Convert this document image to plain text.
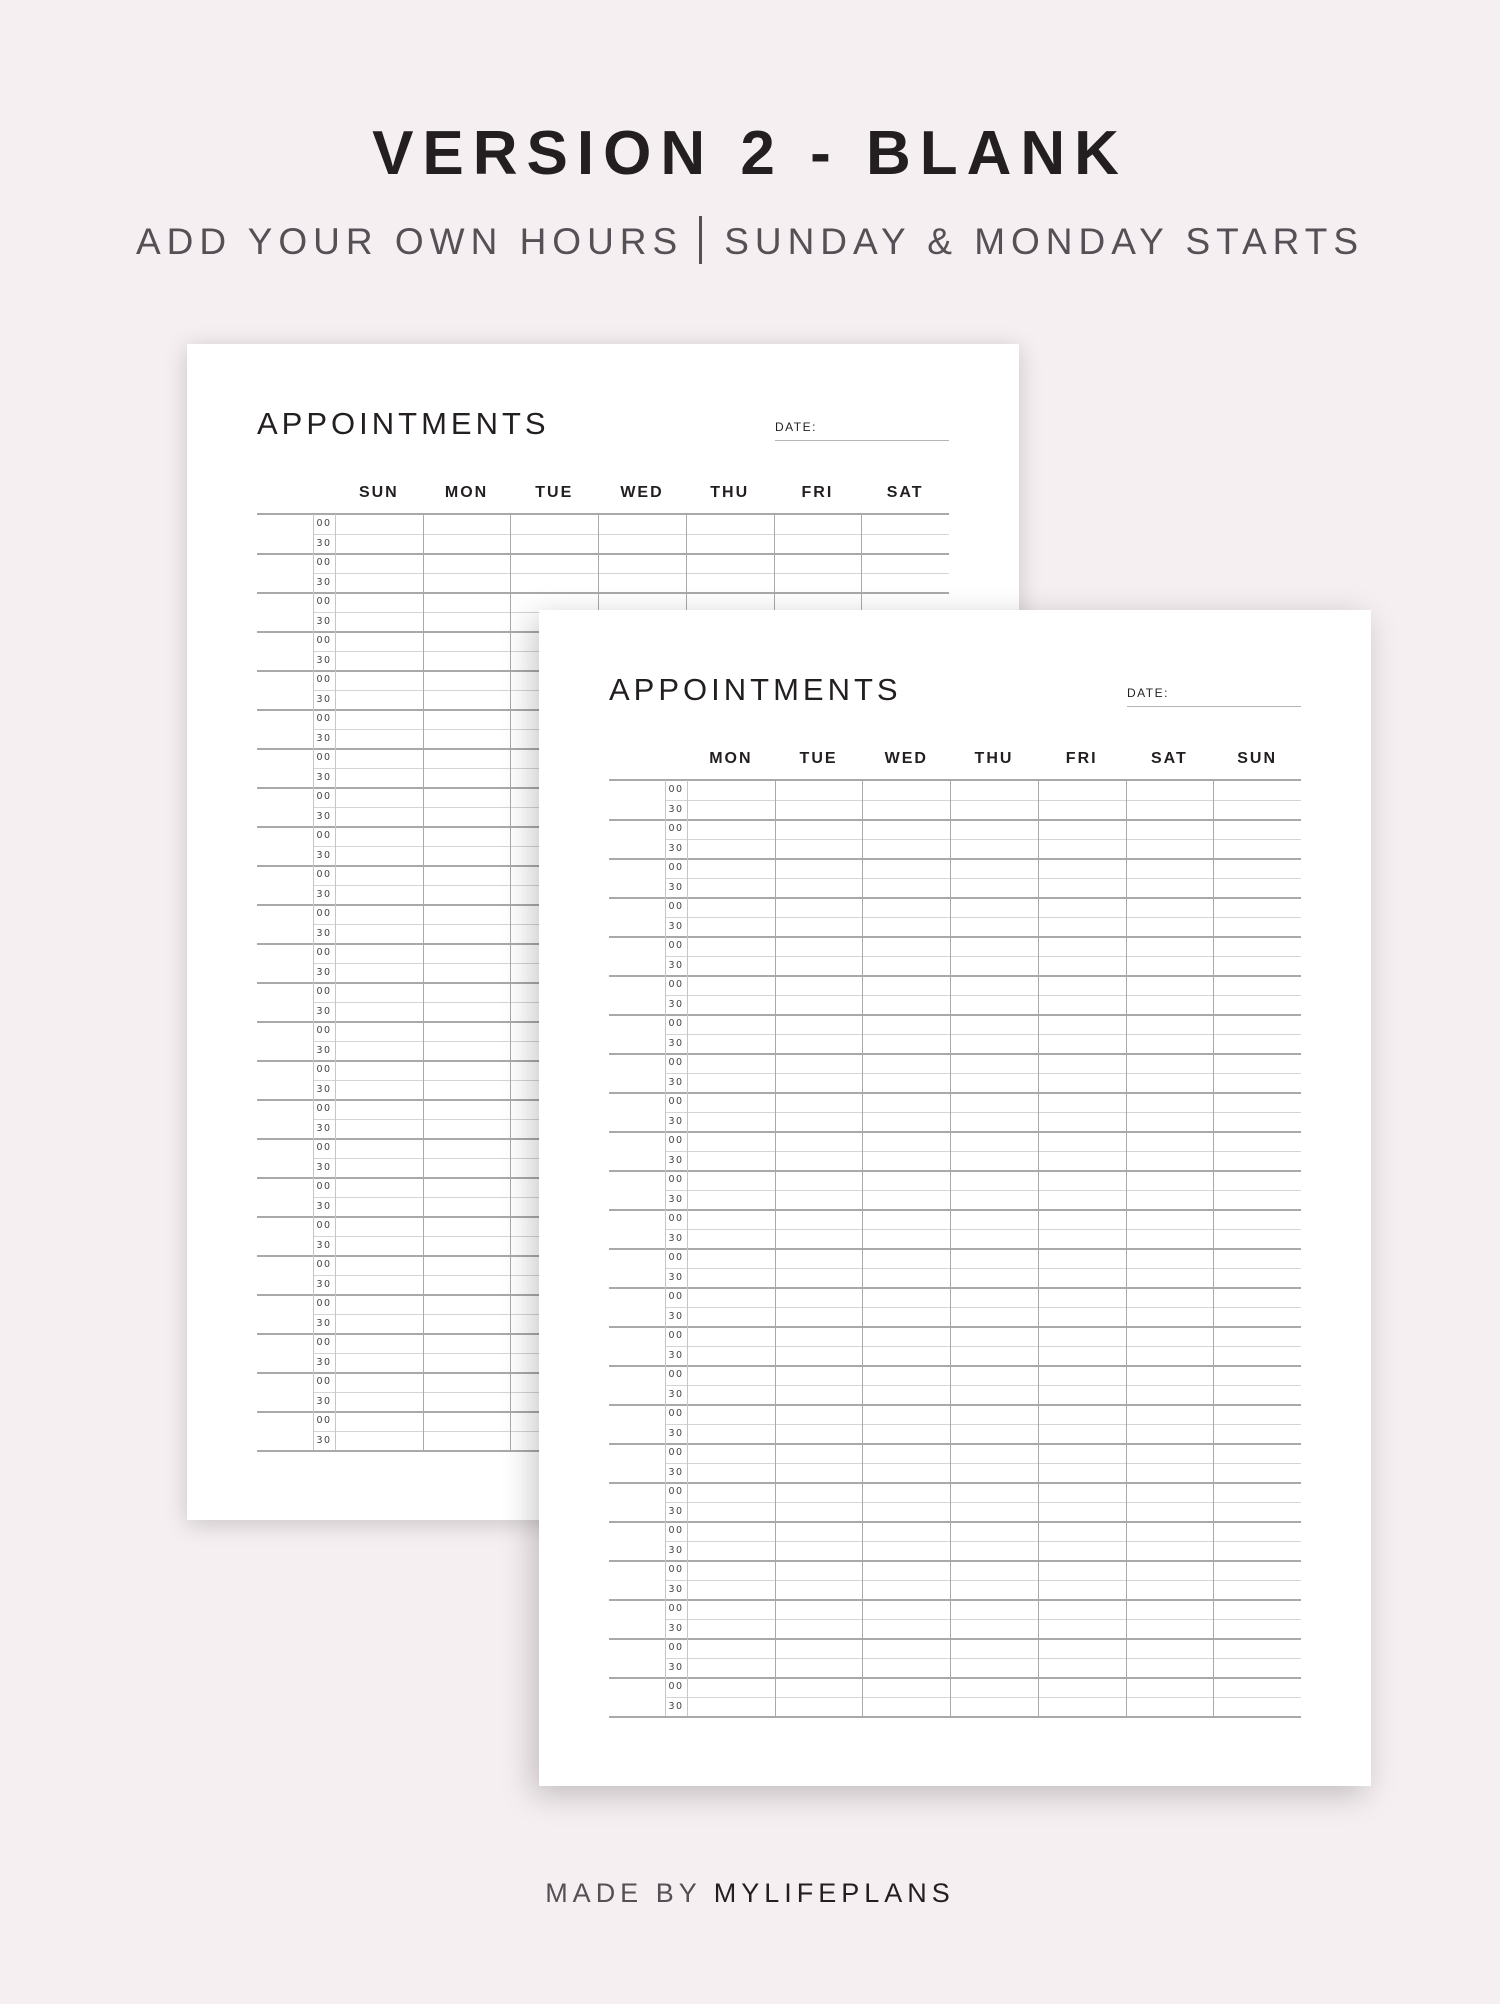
VERSION 2 - BLANK
ADD YOUR OWN HOURS SUNDAY & MONDAY STARTS
APPOINTMENTS	DATE:
SUN	MON	TUE	WED	THU	FRI	SAT
00
30
00
30
00
30
00
30
00
30
00
30
00
30
00
30
00
30
00
30
00
30
00
30
00
30
00
30
00
30
00
30
00
30
00
30
00
30
00
30
00
30
00
30
00
30
00
30
APPOINTMENTS	DATE:
MON	TUE	WED	THU	FRI	SAT	SUN
00
30
00
30
00
30
00
30
00
30
00
30
00
30
00
30
00
30
00
30
00
30
00
30
00
30
00
30
00
30
00
30
00
30
00
30
00
30
00
30
00
30
00
30
00
30
00
30
MADE BY MYLIFEPLANS
